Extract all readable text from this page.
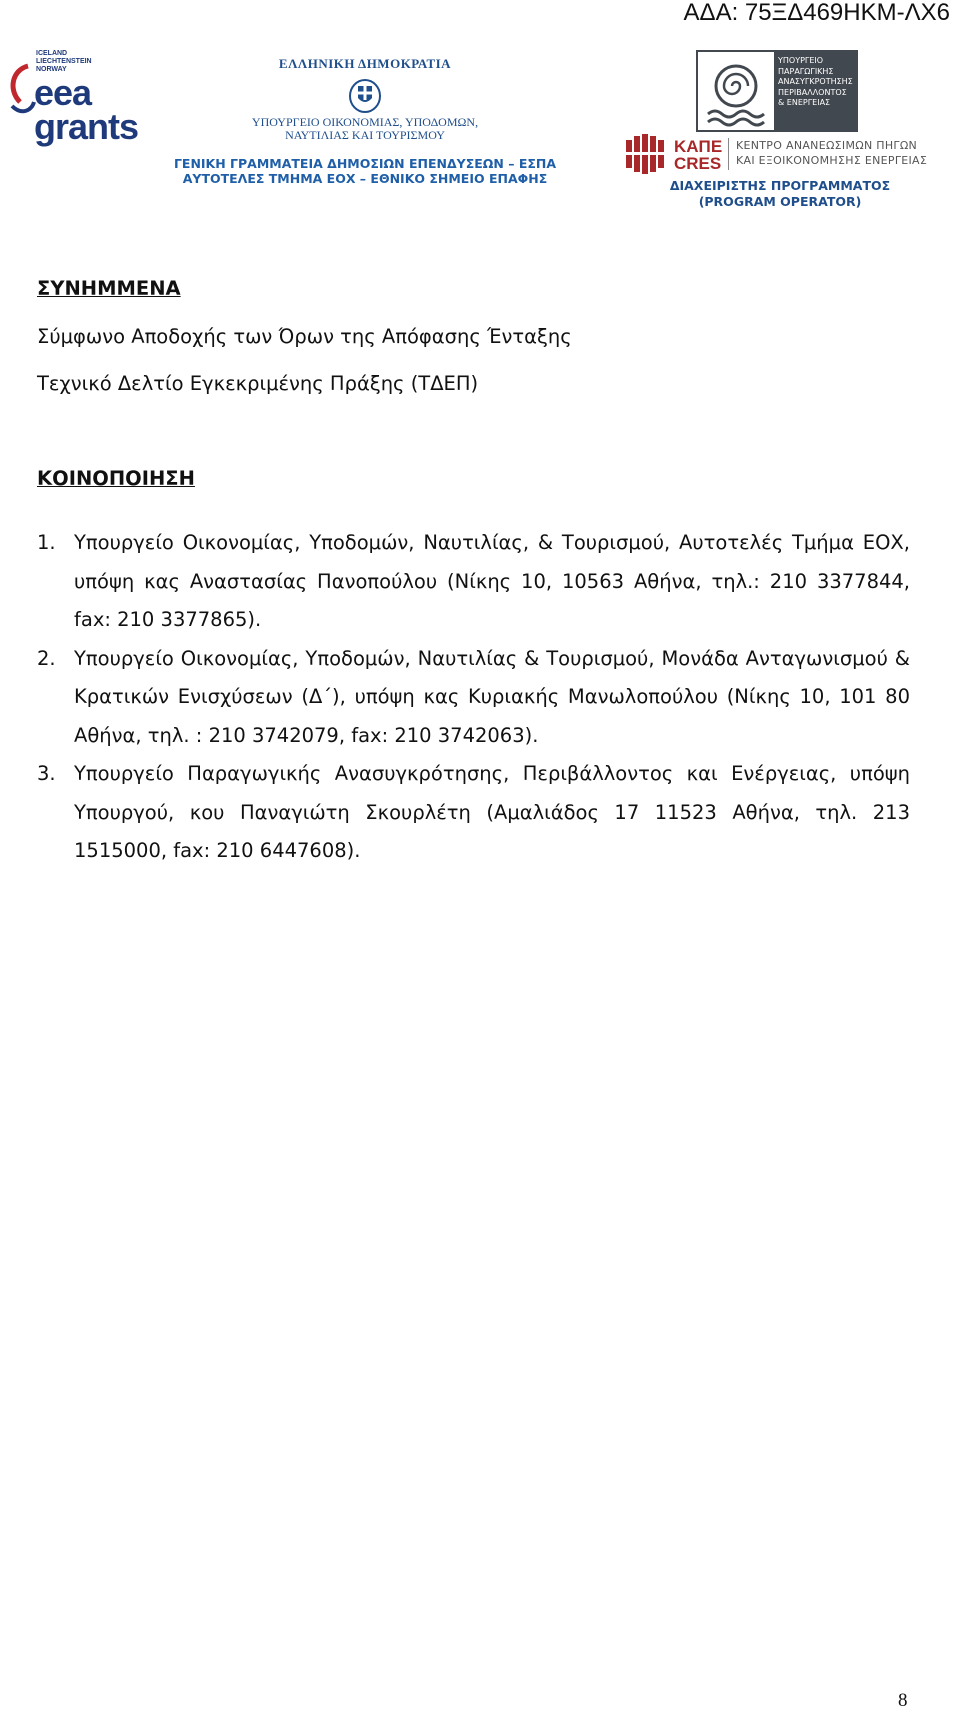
ΑΔΑ: 75ΞΔ469ΗΚΜ-ΛΧ6
ICELAND
LIECHTENSTEIN
NORWAY
eea
grants
ΕΛΛΗΝΙΚΗ ΔΗΜΟΚΡΑΤΙΑ
ΥΠΟΥΡΓΕΙΟ ΟΙΚΟΝΟΜΙΑΣ, ΥΠΟΔΟΜΩΝ,
ΝΑΥΤΙΛΙΑΣ ΚΑΙ ΤΟΥΡΙΣΜΟΥ
ΓΕΝΙΚΗ ΓΡΑΜΜΑΤΕΙΑ ΔΗΜΟΣΙΩΝ ΕΠΕΝΔΥΣΕΩΝ – ΕΣΠΑ
ΑΥΤΟΤΕΛΕΣ ΤΜΗΜΑ ΕΟΧ – ΕΘΝΙΚΟ ΣΗΜΕΙΟ ΕΠΑΦΗΣ
ΥΠΟΥΡΓΕΙΟ
ΠΑΡΑΓΩΓΙΚΗΣ
ΑΝΑΣΥΓΚΡΟΤΗΣΗΣ
ΠΕΡΙΒΑΛΛΟΝΤΟΣ
& ΕΝΕΡΓΕΙΑΣ
ΚΑΠΕ
CRES
ΚΕΝΤΡΟ ΑΝΑΝΕΩΣΙΜΩΝ ΠΗΓΩΝ
ΚΑΙ ΕΞΟΙΚΟΝΟΜΗΣΗΣ ΕΝΕΡΓΕΙΑΣ
ΔΙΑΧΕΙΡΙΣΤΗΣ ΠΡΟΓΡΑΜΜΑΤΟΣ
(PROGRAM OPERATOR)
ΣΥΝΗΜΜΕΝΑ
Σύμφωνο Αποδοχής των Όρων της Απόφασης Ένταξης
Τεχνικό Δελτίο Εγκεκριμένης Πράξης (ΤΔΕΠ)
ΚΟΙΝΟΠΟΙΗΣΗ
1. Υπουργείο Οικονομίας, Υποδομών, Ναυτιλίας, & Τουρισμού, Αυτοτελές Τμήμα ΕΟΧ, υπόψη κας Αναστασίας Πανοπούλου (Νίκης 10, 10563 Αθήνα, τηλ.: 210 3377844, fax: 210 3377865).
2. Υπουργείο Οικονομίας, Υποδομών, Ναυτιλίας & Τουρισμού, Μονάδα Ανταγωνισμού & Κρατικών Ενισχύσεων (Δ΄), υπόψη κας Κυριακής Μανωλοπούλου (Νίκης 10, 101 80 Αθήνα, τηλ. : 210 3742079, fax: 210 3742063).
3. Υπουργείο Παραγωγικής Ανασυγκρότησης, Περιβάλλοντος και Ενέργειας, υπόψη Υπουργού, κου Παναγιώτη Σκουρλέτη (Αμαλιάδος 17 11523 Αθήνα, τηλ. 213 1515000, fax: 210 6447608).
8
